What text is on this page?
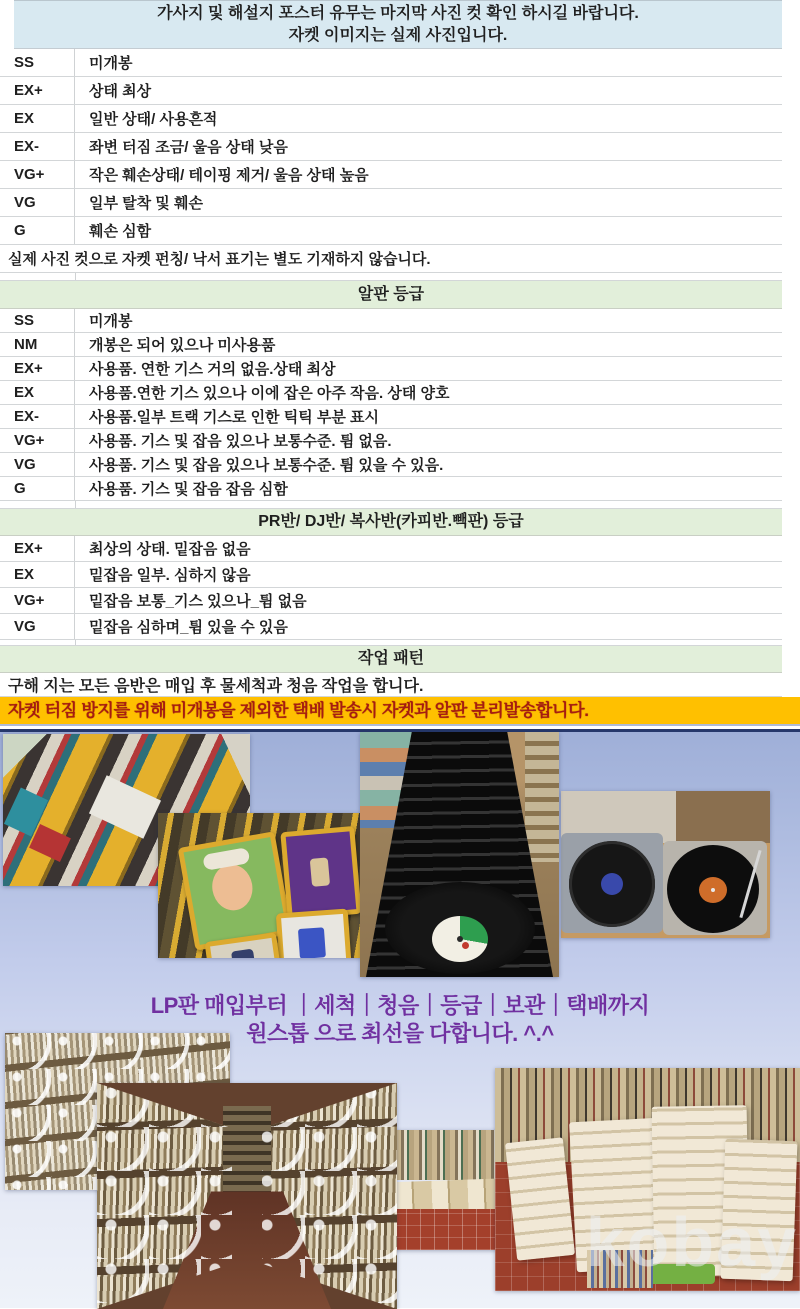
가사지 및 해설지 포스터 유무는 마지막 사진 컷 확인 하시길 바랍니다.
자켓 이미지는 실제 사진입니다.
SS	미개봉
EX+	상태 최상
EX	일반 상태/ 사용흔적
EX-	좌변 터짐 조금/ 울음 상태 낮음
VG+	작은 훼손상태/ 테이핑 제거/ 울음 상태 높음
VG	일부 탈착 및 훼손
G	훼손 심함
실제 사진 컷으로 자켓 펀칭/ 낙서 표기는 별도 기재하지 않습니다.
알판 등급
SS	미개봉
NM	개봉은 되어 있으나 미사용품
EX+	사용품. 연한 기스 거의 없음.상태 최상
EX	사용품.연한 기스 있으나 이에 잡은 아주 작음. 상태 양호
EX-	사용품.일부 트랙 기스로 인한 틱틱 부분 표시
VG+	사용품. 기스 및 잡음 있으나 보통수준. 튐 없음.
VG	사용품. 기스 및 잡음 있으나 보통수준. 튐 있을 수 있음.
G	사용품. 기스 및 잡음 잡음 심함
PR반/ DJ반/ 복사반(카피반.빽판) 등급
EX+	최상의 상태. 밑잡음 없음
EX	밑잡음 일부. 심하지 않음
VG+	밑잡음 보통_기스 있으나_튐 없음
VG	밑잡음 심하며_튐 있을 수 있음
작업 패턴
구해 지는 모든 음반은 매입 후 물세척과 청음 작업을 합니다.
자켓 터짐 방지를 위해 미개봉을 제외한 택배 발송시 자켓과 알판 분리발송합니다.
LP판 매입부터 ｜세척｜청음｜등급｜보관｜택배까지
원스톱 으로 최선을 다합니다. ^.^
kobay
